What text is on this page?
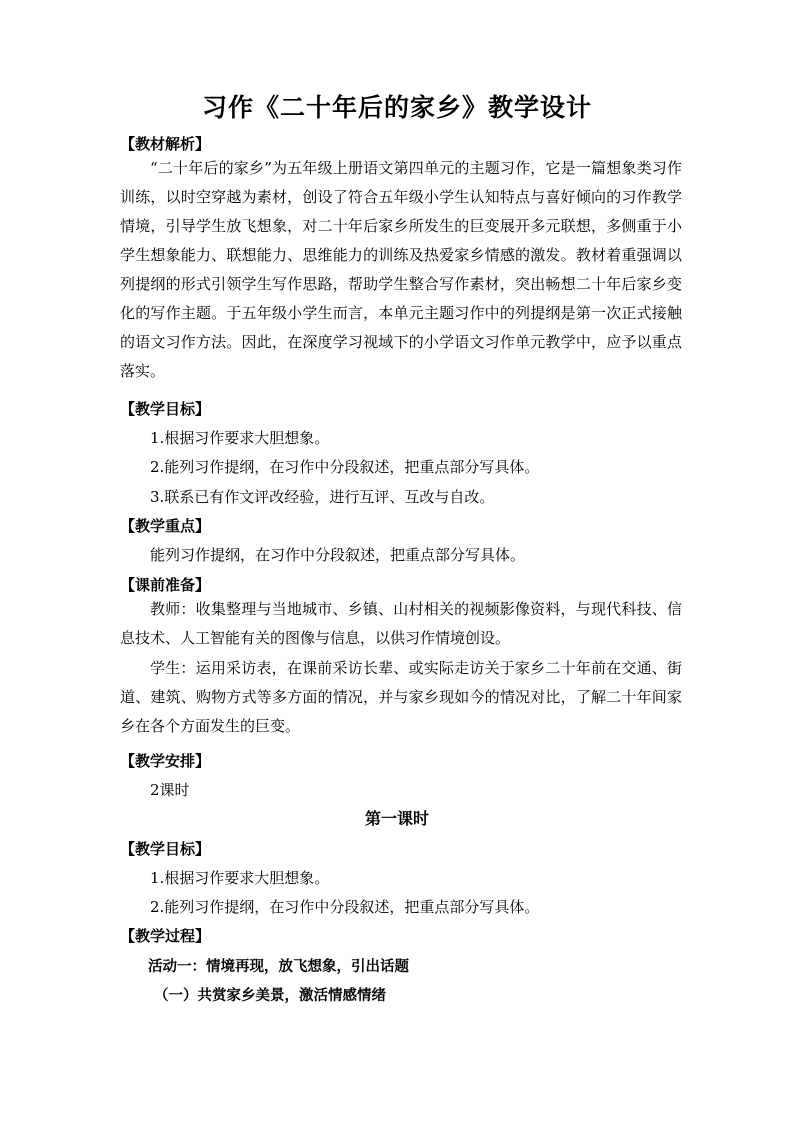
习作《二十年后的家乡》教学设计

【教材解析】

“二十年后的家乡”为五年级上册语文第四单元的主题习作，它是一篇想象类习作训练，以时空穿越为素材，创设了符合五年级小学生认知特点与喜好倾向的习作教学情境，引导学生放飞想象，对二十年后家乡所发生的巨变展开多元联想，多侧重于小学生想象能力、联想能力、思维能力的训练及热爱家乡情感的激发。教材着重强调以列提纲的形式引领学生写作思路，帮助学生整合写作素材，突出畅想二十年后家乡变化的写作主题。于五年级小学生而言，本单元主题习作中的列提纲是第一次正式接触的语文习作方法。因此，在深度学习视域下的小学语文习作单元教学中，应予以重点落实。

【教学目标】

1.根据习作要求大胆想象。

2.能列习作提纲，在习作中分段叙述，把重点部分写具体。

3.联系已有作文评改经验，进行互评、互改与自改。

【教学重点】

能列习作提纲，在习作中分段叙述，把重点部分写具体。

【课前准备】

教师：收集整理与当地城市、乡镇、山村相关的视频影像资料，与现代科技、信息技术、人工智能有关的图像与信息，以供习作情境创设。

学生：运用采访表，在课前采访长辈、或实际走访关于家乡二十年前在交通、街道、建筑、购物方式等多方面的情况，并与家乡现如今的情况对比，了解二十年间家乡在各个方面发生的巨变。

【教学安排】

2课时

第一课时

【教学目标】

1.根据习作要求大胆想象。

2.能列习作提纲，在习作中分段叙述，把重点部分写具体。

【教学过程】

活动一：情境再现，放飞想象，引出话题

（一）共赏家乡美景，激活情感情绪
